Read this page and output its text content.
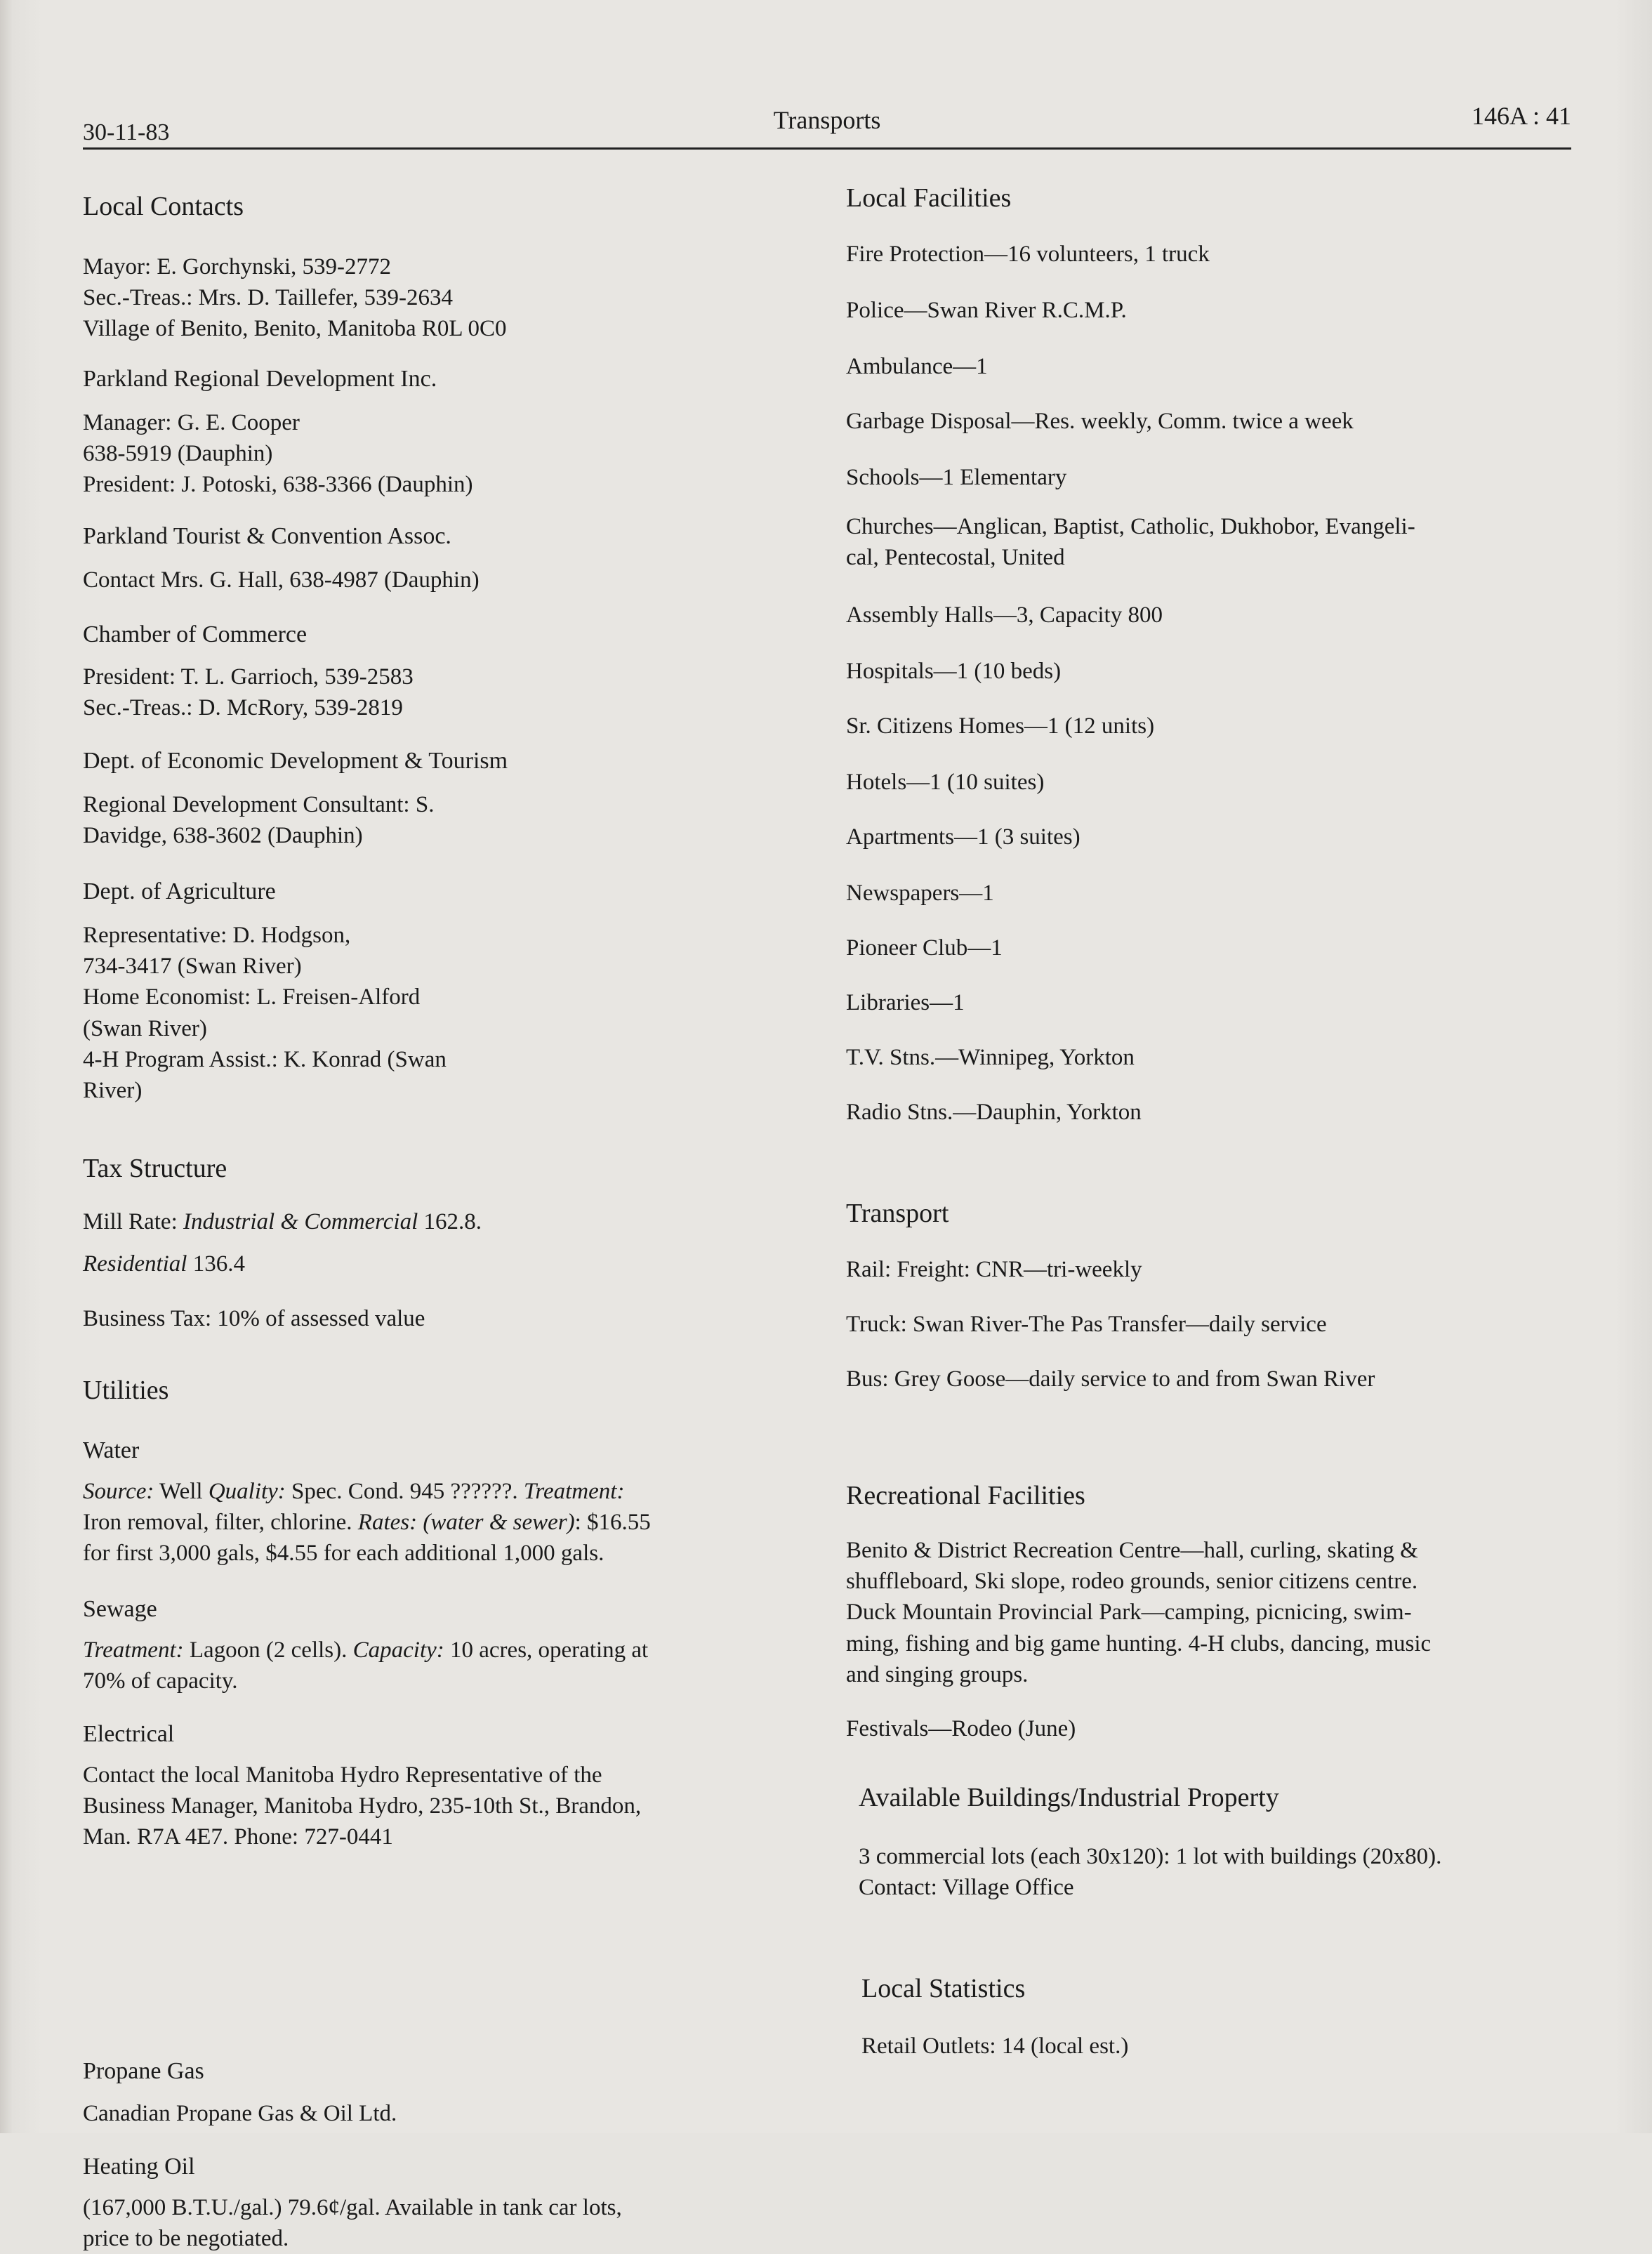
30-11-83	Transports	146A : 41

Local Contacts

Mayor: E. Gorchynski, 539-2772

Sec.-Treas.: Mrs. D. Taillefer, 539-2634

Village of Benito, Benito, Manitoba R0L 0C0

Parkland Regional Development Inc.

Manager: G. E. Cooper

638-5919 (Dauphin)

President: J. Potoski, 638-3366 (Dauphin)

Parkland Tourist & Convention Assoc.

Contact Mrs. G. Hall, 638-4987 (Dauphin)

Chamber of Commerce

President: T. L. Garrioch, 539-2583

Sec.-Treas.: D. McRory, 539-2819

Dept. of Economic Development & Tourism

Regional Development Consultant: S.

Davidge, 638-3602 (Dauphin)

Dept. of Agriculture

Representative: D. Hodgson,

734-3417 (Swan River)

Home Economist: L. Freisen-Alford

(Swan River)

4-H Program Assist.: K. Konrad (Swan

River)

Tax Structure

Mill Rate: Industrial & Commercial 162.8.

Residential 136.4

Business Tax: 10% of assessed value

Utilities

Water

Source: Well Quality: Spec. Cond. 945 ??????. Treatment:

Iron removal, filter, chlorine. Rates: (water & sewer): $16.55

for first 3,000 gals, $4.55 for each additional 1,000 gals.

Sewage

Treatment: Lagoon (2 cells). Capacity: 10 acres, operating at

70% of capacity.

Electrical

Contact the local Manitoba Hydro Representative of the

Business Manager, Manitoba Hydro, 235-10th St., Brandon,

Man. R7A 4E7. Phone: 727-0441

Propane Gas

Canadian Propane Gas & Oil Ltd.

Heating Oil

(167,000 B.T.U./gal.) 79.6¢/gal. Available in tank car lots,

price to be negotiated.

Local Facilities

Fire Protection—16 volunteers, 1 truck

Police—Swan River R.C.M.P.

Ambulance—1

Garbage Disposal—Res. weekly, Comm. twice a week

Schools—1 Elementary

Churches—Anglican, Baptist, Catholic, Dukhobor, Evangeli-

cal, Pentecostal, United

Assembly Halls—3, Capacity 800

Hospitals—1 (10 beds)

Sr. Citizens Homes—1 (12 units)

Hotels—1 (10 suites)

Apartments—1 (3 suites)

Newspapers—1

Pioneer Club—1

Libraries—1

T.V. Stns.—Winnipeg, Yorkton

Radio Stns.—Dauphin, Yorkton

Transport

Rail: Freight: CNR—tri-weekly

Truck: Swan River-The Pas Transfer—daily service

Bus: Grey Goose—daily service to and from Swan River

Recreational Facilities

Benito & District Recreation Centre—hall, curling, skating &

shuffleboard, Ski slope, rodeo grounds, senior citizens centre.

Duck Mountain Provincial Park—camping, picnicing, swim-

ming, fishing and big game hunting. 4-H clubs, dancing, music

and singing groups.

Festivals—Rodeo (June)

Available Buildings/Industrial Property

3 commercial lots (each 30x120): 1 lot with buildings (20x80).

Contact: Village Office

Local Statistics

Retail Outlets: 14 (local est.)
